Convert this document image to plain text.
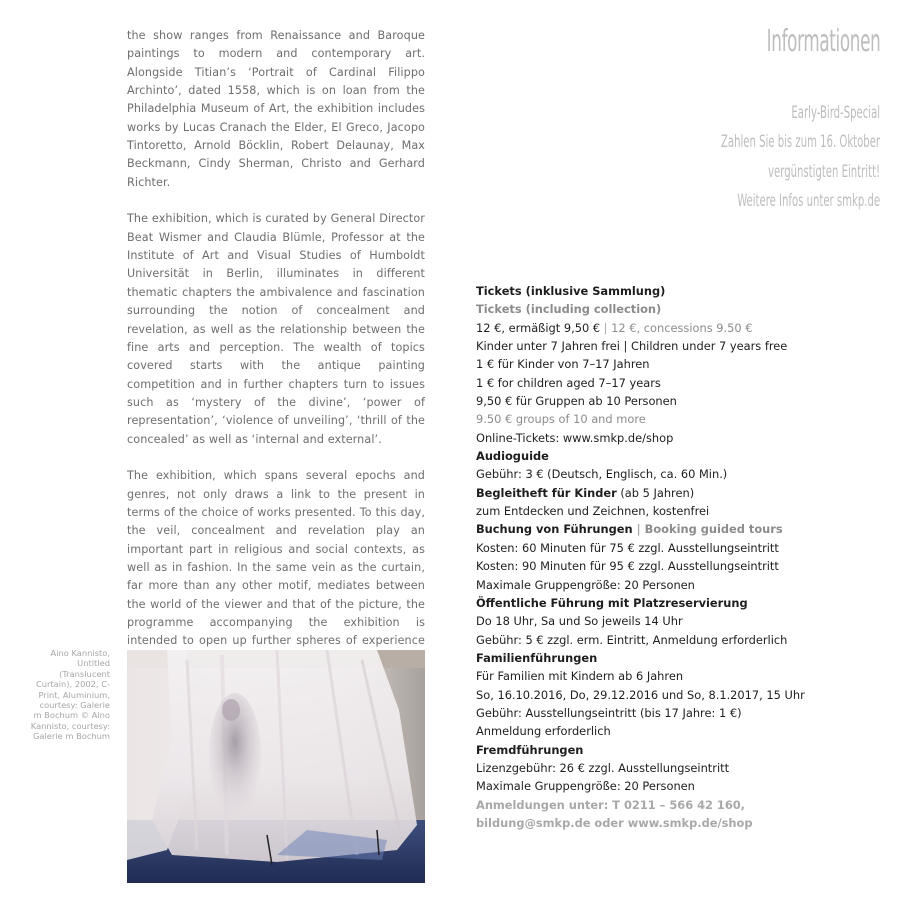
the show ranges from Renaissance and Baroque paintings to modern and contemporary art. Alongside Titian’s ‘Portrait of Cardinal Filippo Archinto’, dated 1558, which is on loan from the Philadelphia Museum of Art, the exhibition includes works by Lucas Cranach the Elder, El Greco, Jacopo Tintoretto, Arnold Böcklin, Robert Delaunay, Max Beckmann, Cindy Sherman, Christo and Gerhard Richter.

The exhibition, which is curated by General Director Beat Wismer and Claudia Blümle, Professor at the Institute of Art and Visual Studies of Humboldt Universität in Berlin, illuminates in different thematic chapters the ambivalence and fascination surrounding the notion of concealment and revelation, as well as the relationship between the fine arts and perception. The wealth of topics covered starts with the antique painting competition and in further chapters turn to issues such as ‘mystery of the divine’, ‘power of representation’, ‘violence of unveiling’, ‘thrill of the concealed’ as well as ‘internal and external’.

The exhibition, which spans several epochs and genres, not only draws a link to the present in terms of the choice of works presented. To this day, the veil, concealment and revelation play an important part in religious and social contexts, as well as in fashion. In the same vein as the curtain, far more than any other motif, mediates between the world of the viewer and that of the picture, the programme accompanying the exhibition is intended to open up further spheres of experience

Aino Kannisto, Untitled (Translucent Curtain), 2002, C-Print, Aluminium, courtesy: Galerie m Bochum © Aino Kannisto, courtesy: Galerie m Bochum
Informationen
Early-Bird-Special
Zahlen Sie bis zum 16. Oktober
vergünstigten Eintritt!
Weitere Infos unter smkp.de
Tickets (inklusive Sammlung)
Tickets (including collection)
12 €, ermäßigt 9,50 € | 12 €, concessions 9.50 €
Kinder unter 7 Jahren frei | Children under 7 years free
1 € für Kinder von 7–17 Jahren
1 € for children aged 7–17 years
9,50 € für Gruppen ab 10 Personen
9.50 € groups of 10 and more
Online-Tickets: www.smkp.de/shop
Audioguide
Gebühr: 3 € (Deutsch, Englisch, ca. 60 Min.)
Begleitheft für Kinder (ab 5 Jahren)
zum Entdecken und Zeichnen, kostenfrei
Buchung von Führungen | Booking guided tours
Kosten: 60 Minuten für 75 € zzgl. Ausstellungseintritt
Kosten: 90 Minuten für 95 € zzgl. Ausstellungseintritt
Maximale Gruppengröße: 20 Personen
Öffentliche Führung mit Platzreservierung
Do 18 Uhr, Sa und So jeweils 14 Uhr
Gebühr: 5 € zzgl. erm. Eintritt, Anmeldung erforderlich
Familienführungen
Für Familien mit Kindern ab 6 Jahren
So, 16.10.2016, Do, 29.12.2016 und So, 8.1.2017, 15 Uhr
Gebühr: Ausstellungseintritt (bis 17 Jahre: 1 €)
Anmeldung erforderlich
Fremdführungen
Lizenzgebühr: 26 € zzgl. Ausstellungseintritt
Maximale Gruppengröße: 20 Personen
Anmeldungen unter: T 0211 – 566 42 160,
bildung@smkp.de oder www.smkp.de/shop
